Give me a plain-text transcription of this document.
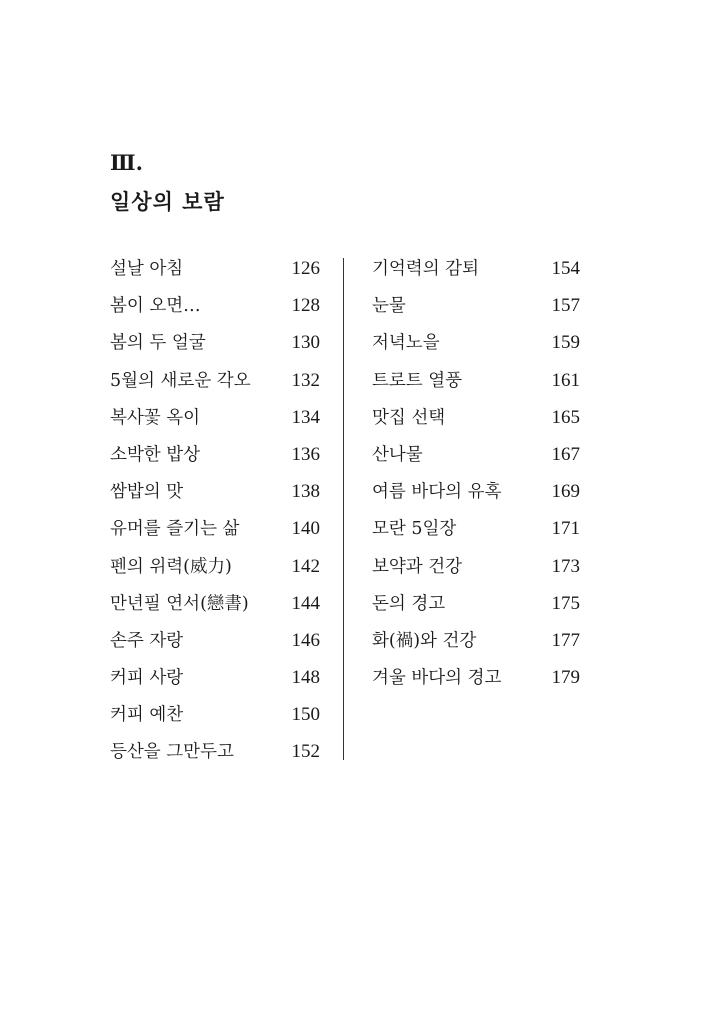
Ⅲ.
일상의 보람
설날 아침	126
봄이 오면…	128
봄의 두 얼굴	130
5월의 새로운 각오 132
복사꽃 옥이	134
소박한 밥상	136
쌈밥의 맛	138
유머를 즐기는 삶	140
펜의 위력(威力)	142
만년필 연서(戀書) 144
손주 자랑	146
커피 사랑	148
커피 예찬	150
등산을 그만두고	152
기억력의 감퇴	154
눈물	157
저녁노을	159
트로트 열풍	161
맛집 선택	165
산나물	167
여름 바다의 유혹	169
모란 5일장	171
보약과 건강	173
돈의 경고	175
화(禍)와 건강	177
겨울 바다의 경고	179
